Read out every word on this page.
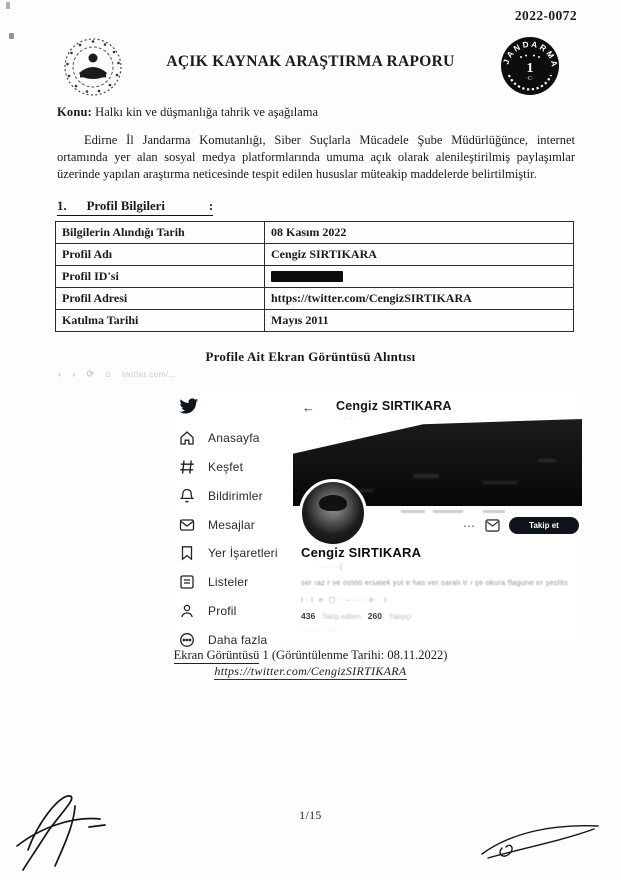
2022-0072
AÇIK KAYNAK ARAŞTIRMA RAPORU	JANDARMA
1
·C·
Konu: Halkı kin ve düşmanlığa tahrik ve aşağılama
Edirne İl Jandarma Komutanlığı, Siber Suçlarla Mücadele Şube Müdürlüğünce, internet ortamında yer alan sosyal medya platformlarında umuma açık olarak alenileştirilmiş paylaşımlar üzerinde yapılan araştırma neticesinde tespit edilen hususlar müteakip maddelerde belirtilmiştir.
1. Profil Bilgileri	:
Bilgilerin Alındığı Tarih	08 Kasım 2022
Profil Adı	Cengiz SIRTIKARA
Profil ID'si	

Profil Adresi	https://twitter.com/CengizSIRTIKARA
Katılma Tarihi	Mayıs 2011
Profile Ait Ekran Görüntüsü Alıntısı
‹ › ⟳ ⌂ twitter.com/…
Anasayfa
Keşfet
Bildirimler
Mesajlar
Yer İşaretleri
Listeler
Profil
Daha fazla
← Cengiz SIRTIKARA
· ···· ·
⋯	Takip et
Cengiz SIRTIKARA
· ‑ · · ·(
ser ıaz r ve ostöö ersatek yut e has ver saralı tr ı şe okura flagune er şeslits
t · t ·e· ▢ ·· – ··· · e· · t
436 Takip edilen 260 Takipçi
· ·· · ··· ·
Ekran Görüntüsü 1 (Görüntülenme Tarihi: 08.11.2022)
https://twitter.com/CengizSIRTIKARA
1/15
